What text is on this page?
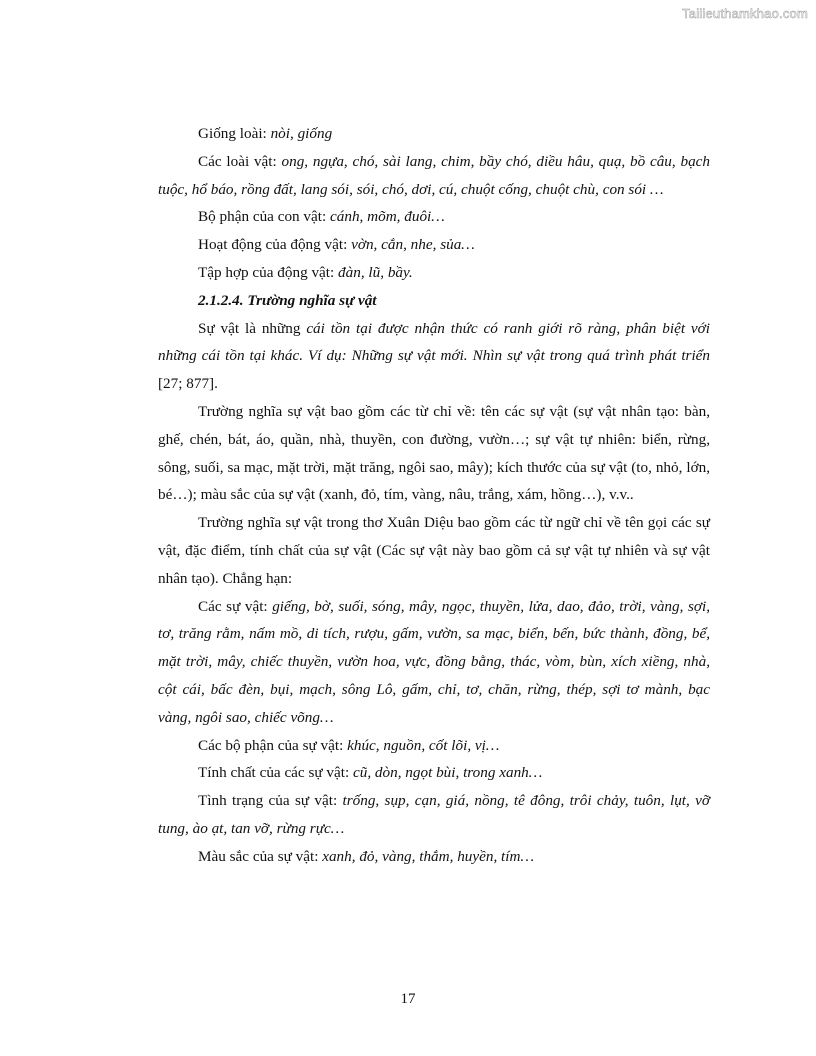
Tailieuthamkhao.com

Giống loài: nòi, giống

Các loài vật: ong, ngựa, chó, sài lang, chim, bầy chó, diều hâu, quạ, bồ câu, bạch tuộc, hổ báo, rồng đất, lang sói, sói, chó, dơi, cú, chuột cống, chuột chù, con sói …

Bộ phận của con vật: cánh, mõm, đuôi…

Hoạt động của động vật: vờn, cắn, nhe, sủa…

Tập hợp của động vật: đàn, lũ, bầy.

2.1.2.4. Trường nghĩa sự vật

Sự vật là những cái tồn tại được nhận thức có ranh giới rõ ràng, phân biệt với những cái tồn tại khác. Ví dụ: Những sự vật mới. Nhìn sự vật trong quá trình phát triển [27; 877].

Trường nghĩa sự vật bao gồm các từ chỉ về: tên các sự vật (sự vật nhân tạo: bàn, ghế, chén, bát, áo, quần, nhà, thuyền, con đường, vườn…; sự vật tự nhiên: biển, rừng, sông, suối, sa mạc, mặt trời, mặt trăng, ngôi sao, mây); kích thước của sự vật (to, nhỏ, lớn, bé…); màu sắc của sự vật (xanh, đỏ, tím, vàng, nâu, trắng, xám, hồng…), v.v..

Trường nghĩa sự vật trong thơ Xuân Diệu bao gồm các từ ngữ chỉ về tên gọi các sự vật, đặc điểm, tính chất của sự vật (Các sự vật này bao gồm cả sự vật tự nhiên và sự vật nhân tạo). Chẳng hạn:

Các sự vật: giếng, bờ, suối, sóng, mây, ngọc, thuyền, lửa, dao, đảo, trời, vàng, sợi, tơ, trăng rằm, nấm mồ, di tích, rượu, gấm, vườn, sa mạc, biển, bến, bức thành, đồng, bể, mặt trời, mây, chiếc thuyền, vườn hoa, vực, đồng bằng, thác, vòm, bùn, xích xiềng, nhà, cột cái, bấc đèn, bụi, mạch, sông Lô, gấm, chỉ, tơ, chăn, rừng, thép, sợi tơ mành, bạc vàng, ngôi sao, chiếc võng…

Các bộ phận của sự vật: khúc, nguồn, cốt lõi, vị…

Tính chất của các sự vật: cũ, dòn, ngọt bùi, trong xanh…

Tình trạng của sự vật: trống, sụp, cạn, giá, nồng, tê đông, trôi chảy, tuôn, lụt, vỡ tung, ào ạt, tan vỡ, rừng rực…

Màu sắc của sự vật: xanh, đỏ, vàng, thắm, huyền, tím…

17
